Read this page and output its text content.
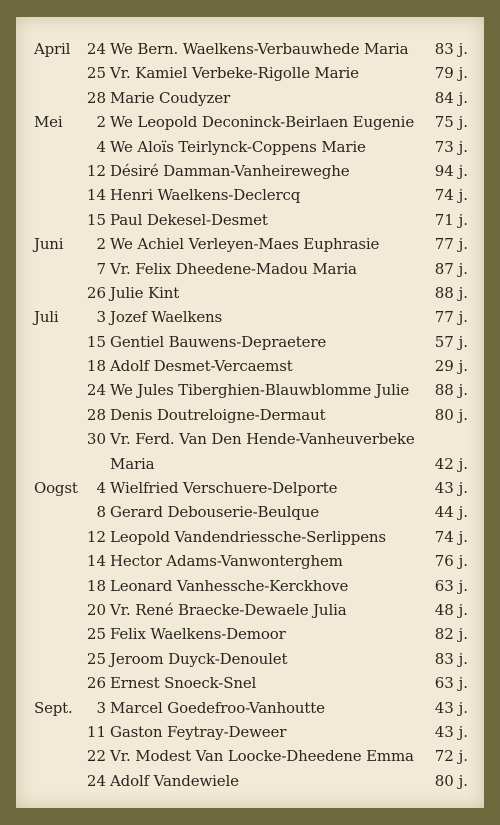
April	24 We Bern. Waelkens-Verbauwhede Maria 83 j.
25 Vr. Kamiel Verbeke-Rigolle Marie	79 j.
28 Marie Coudyzer	84 j.
Mei	2 We Leopold Deconinck-Beirlaen Eugenie 75 j.
4 We Aloïs Teirlynck-Coppens Marie	73 j.
12 Désiré Damman-Vanheireweghe	94 j.
14 Henri Waelkens-Declercq	74 j.
15 Paul Dekesel-Desmet	71 j.
Juni	2 We Achiel Verleyen-Maes Euphrasie	77 j.
7 Vr. Felix Dheedene-Madou Maria	87 j.
26 Julie Kint	88 j.
Juli	3 Jozef Waelkens	77 j.
15 Gentiel Bauwens-Depraetere	57 j.
18 Adolf Desmet-Vercaemst	29 j.
24 We Jules Tiberghien-Blauwblomme Julie 88 j.
28 Denis Doutreloigne-Dermaut	80 j.
30 Vr. Ferd. Van Den Hende-Vanheuverbeke
Maria	42 j.
Oogst	4 Wielfried Verschuere-Delporte	43 j.
8 Gerard Debouserie-Beulque	44 j.
12 Leopold Vandendriessche-Serlippens	74 j.
14 Hector Adams-Vanwonterghem	76 j.
18 Leonard Vanhessche-Kerckhove	63 j.
20 Vr. René Braecke-Dewaele Julia	48 j.
25 Felix Waelkens-Demoor	82 j.
25 Jeroom Duyck-Denoulet	83 j.
26 Ernest Snoeck-Snel	63 j.
Sept.	3 Marcel Goedefroo-Vanhoutte	43 j.
11 Gaston Feytray-Deweer	43 j.
22 Vr. Modest Van Loocke-Dheedene Emma 72 j.
24 Adolf Vandewiele	80 j.
